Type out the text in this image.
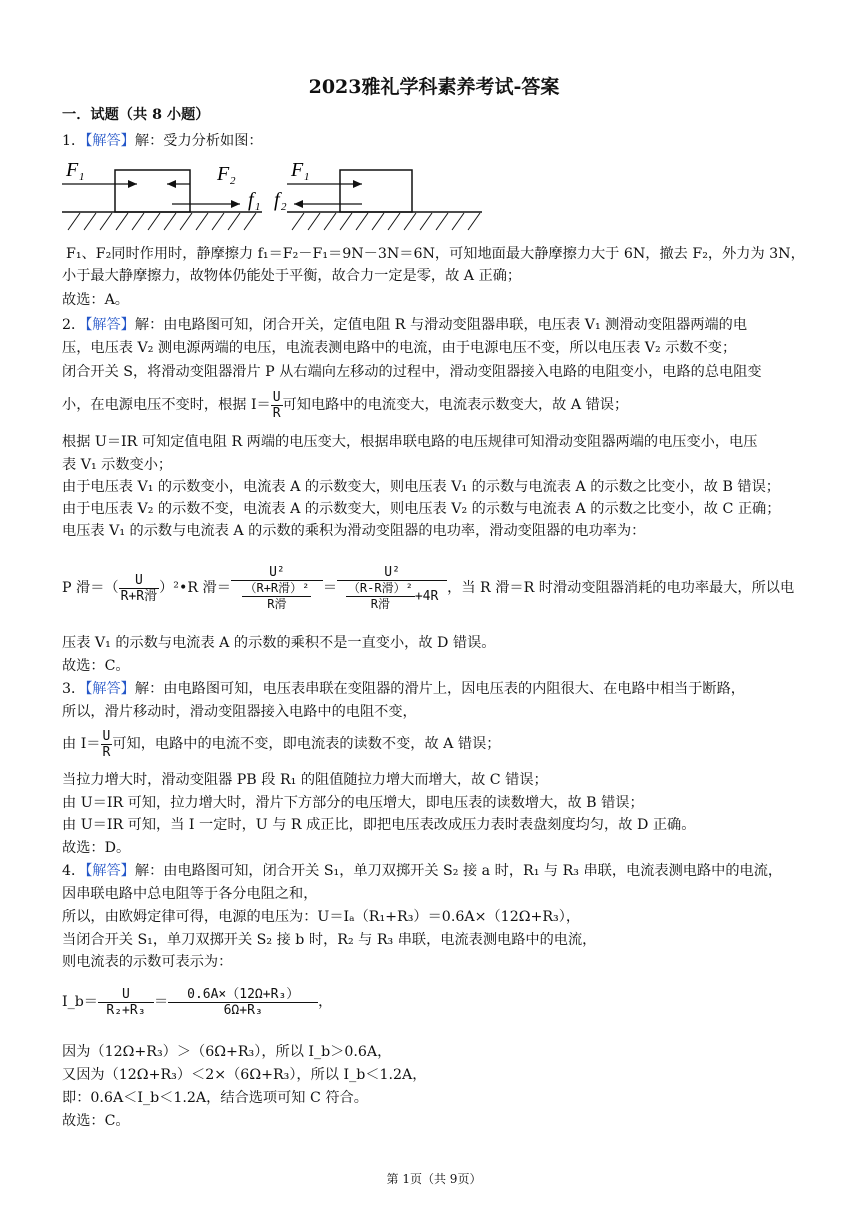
2023雅礼学科素养考试-答案
一．试题（共 8 小题）
1．【解答】解：受力分析如图：
F 1	F 2
f 1
F 1
f 2
F₁、F₂同时作用时，静摩擦力 f₁＝F₂－F₁＝9N－3N＝6N，可知地面最大静摩擦力大于 6N，撤去 F₂，外力为 3N，
小于最大静摩擦力，故物体仍能处于平衡，故合力一定是零，故 A 正确；
故选：A。
2．【解答】解：由电路图可知，闭合开关，定值电阻 R 与滑动变阻器串联，电压表 V₁ 测滑动变阻器两端的电
压，电压表 V₂ 测电源两端的电压，电流表测电路中的电流，由于电源电压不变，所以电压表 V₂ 示数不变；
闭合开关 S，将滑动变阻器滑片 P 从右端向左移动的过程中，滑动变阻器接入电路的电阻变小，电路的总电阻变
小，在电源电压不变时，根据 $I= \frac{U}{R}$ 可知电路中的电流变大，电流表示数变大，故 A 错误；
根据 U＝IR 可知定值电阻 R 两端的电压变大，根据串联电路的电压规律可知滑动变阻器两端的电压变小，电压
表 V₁ 示数变小；
由于电压表 V₁ 的示数变小，电流表 A 的示数变大，则电压表 V₁ 的示数与电流表 A 的示数之比变小，故 B 错误；
由于电压表 V₂ 的示数不变，电流表 A 的示数变大，则电压表 V₂ 的示数与电流表 A 的示数之比变小，故 C 正确；
电压表 V₁ 的示数与电流表 A 的示数的乘积为滑动变阻器的电功率，滑动变阻器的电功率为：
P 滑＝（ $\frac{U}{\text{R+R滑}}$ ）²•R 滑＝ $\frac{\text{U²}}{\frac{\text{（R+R滑）²}}{\text{R滑}}} = \frac{\text{U²}}{\frac{\text{（R-R滑）²}}{\text{R滑}} +4R}$ ，当 R 滑＝R 时滑动变阻器消耗的电功率最大，所以电
压表 V₁ 的示数与电流表 A 的示数的乘积不是一直变小，故 D 错误。
故选：C。
3．【解答】解：由电路图可知，电压表串联在变阻器的滑片上，因电压表的内阻很大、在电路中相当于断路，
所以，滑片移动时，滑动变阻器接入电路中的电阻不变，
由 $I= \frac{U}{R}$ 可知，电路中的电流不变，即电流表的读数不变，故 A 错误；
当拉力增大时，滑动变阻器 PB 段 R₁ 的阻值随拉力增大而增大，故 C 错误；
由 U＝IR 可知，拉力增大时，滑片下方部分的电压增大，即电压表的读数增大，故 B 错误；
由 U＝IR 可知，当 I 一定时，U 与 R 成正比，即把电压表改成压力表时表盘刻度均匀，故 D 正确。
故选：D。
4．【解答】解：由电路图可知，闭合开关 S₁，单刀双掷开关 S₂ 接 a 时，R₁ 与 R₃ 串联，电流表测电路中的电流，
因串联电路中总电阻等于各分电阻之和，
所以，由欧姆定律可得，电源的电压为：U＝Iₐ（R₁+R₃）＝0.6A×（12Ω+R₃），
当闭合开关 S₁，单刀双掷开关 S₂ 接 b 时，R₂ 与 R₃ 串联，电流表测电路中的电流，
则电流表的示数可表示为：
I_b＝ $\frac{U}{\text{R₂+R₃}} = \frac{\text{0.6A×（12Ω+R₃）}}{\text{6Ω+R₃}}$ ，
因为（12Ω+R₃）＞（6Ω+R₃），所以 I_b＞0.6A，
又因为（12Ω+R₃）＜2×（6Ω+R₃），所以 I_b＜1.2A，
即：0.6A＜I_b＜1.2A，结合选项可知 C 符合。
故选：C。
第 1页（共 9页）
